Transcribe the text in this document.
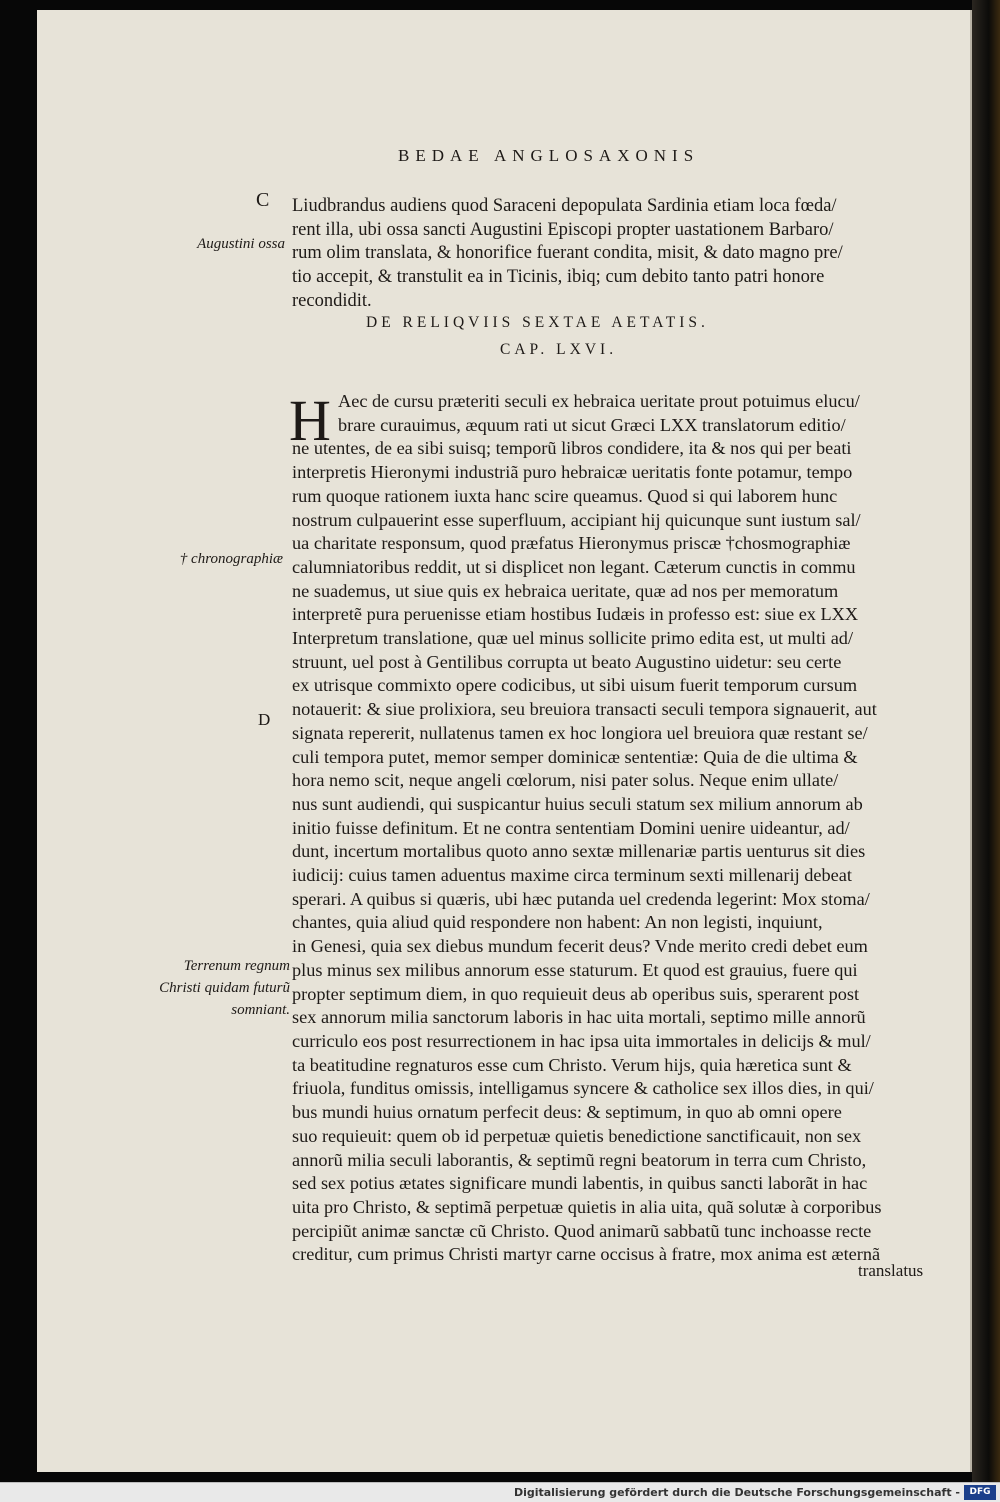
BEDAE ANGLOSAXONIS
C
D
Augustini ossa
† chronographiæ
Terrenum regnum Christi quidam futurũ somniant.
Liudbrandus audiens quod Saraceni depopulata Sardinia etiam loca fœda/
rent illa, ubi ossa sancti Augustini Episcopi propter uastationem Barbaro/
rum olim translata, & honorifice fuerant condita, misit, & dato magno pre/
tio accepit, & transtulit ea in Ticinis, ibiq; cum debito tanto patri honore
recondidit.
DE RELIQVIIS SEXTAE AETATIS.
CAP. LXVI.
H Aec de cursu præteriti seculi ex hebraica ueritate prout potuimus elucu/
brare curauimus, æquum rati ut sicut Græci LXX translatorum editio/
ne utentes, de ea sibi suisq; temporũ libros condidere, ita & nos qui per beati
interpretis Hieronymi industriã puro hebraicæ ueritatis fonte potamur, tempo
rum quoque rationem iuxta hanc scire queamus. Quod si qui laborem hunc
nostrum culpauerint esse superfluum, accipiant hij quicunque sunt iustum sal/
ua charitate responsum, quod præfatus Hieronymus priscæ †chosmographiæ
calumniatoribus reddit, ut si displicet non legant. Cæterum cunctis in commu
ne suademus, ut siue quis ex hebraica ueritate, quæ ad nos per memoratum
interpretẽ pura peruenisse etiam hostibus Iudæis in professo est: siue ex LXX
Interpretum translatione, quæ uel minus sollicite primo edita est, ut multi ad/
struunt, uel post à Gentilibus corrupta ut beato Augustino uidetur: seu certe
ex utrisque commixto opere codicibus, ut sibi uisum fuerit temporum cursum
notauerit: & siue prolixiora, seu breuiora transacti seculi tempora signauerit, aut
signata repererit, nullatenus tamen ex hoc longiora uel breuiora quæ restant se/
culi tempora putet, memor semper dominicæ sententiæ: Quia de die ultima &
hora nemo scit, neque angeli cœlorum, nisi pater solus. Neque enim ullate/
nus sunt audiendi, qui suspicantur huius seculi statum sex milium annorum ab
initio fuisse definitum. Et ne contra sententiam Domini uenire uideantur, ad/
dunt, incertum mortalibus quoto anno sextæ millenariæ partis uenturus sit dies
iudicij: cuius tamen aduentus maxime circa terminum sexti millenarij debeat
sperari. A quibus si quæris, ubi hæc putanda uel credenda legerint: Mox stoma/
chantes, quia aliud quid respondere non habent: An non legisti, inquiunt,
in Genesi, quia sex diebus mundum fecerit deus? Vnde merito credi debet eum
plus minus sex milibus annorum esse staturum. Et quod est grauius, fuere qui
propter septimum diem, in quo requieuit deus ab operibus suis, sperarent post
sex annorum milia sanctorum laboris in hac uita mortali, septimo mille annorũ
curriculo eos post resurrectionem in hac ipsa uita immortales in delicijs & mul/
ta beatitudine regnaturos esse cum Christo. Verum hijs, quia hæretica sunt &
friuola, funditus omissis, intelligamus syncere & catholice sex illos dies, in qui/
bus mundi huius ornatum perfecit deus: & septimum, in quo ab omni opere
suo requieuit: quem ob id perpetuæ quietis benedictione sanctificauit, non sex
annorũ milia seculi laborantis, & septimũ regni beatorum in terra cum Christo,
sed sex potius ætates significare mundi labentis, in quibus sancti laborãt in hac
uita pro Christo, & septimã perpetuæ quietis in alia uita, quã solutæ à corporibus
percipiũt animæ sanctæ cũ Christo. Quod animarũ sabbatũ tunc inchoasse recte
creditur, cum primus Christi martyr carne occisus à fratre, mox anima est æternã
translatus
Digitalisierung gefördert durch die Deutsche Forschungsgemeinschaft -	DFG
